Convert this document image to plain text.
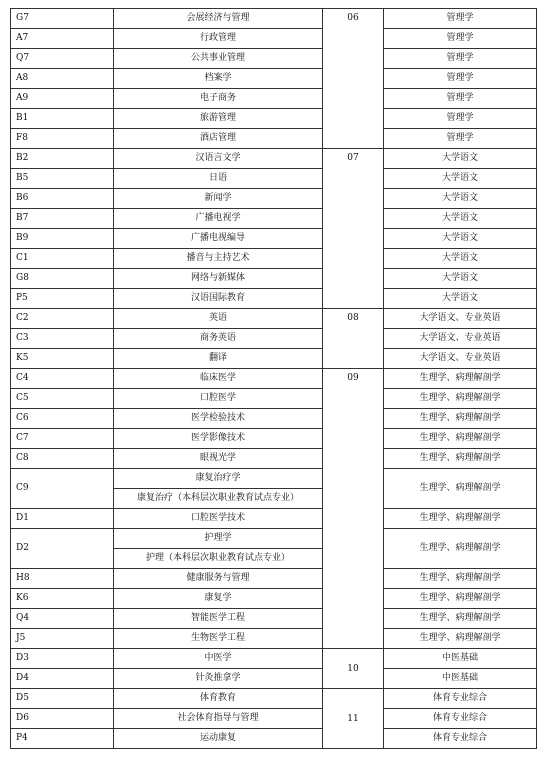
G7	会展经济与管理	06	管理学
A7	行政管理		管理学
Q7	公共事业管理		管理学
A8	档案学		管理学
A9	电子商务		管理学
B1	旅游管理		管理学
F8	酒店管理		管理学
B2	汉语言文学	07	大学语文
B5	日语		大学语文
B6	新闻学		大学语文
B7	广播电视学		大学语文
B9	广播电视编导		大学语文
C1	播音与主持艺术		大学语文
G8	网络与新媒体		大学语文
P5	汉语国际教育		大学语文
C2	英语	08	大学语文、专业英语
C3	商务英语		大学语文、专业英语
K5	翻译		大学语文、专业英语
C4	临床医学	09	生理学、病理解剖学
C5	口腔医学		生理学、病理解剖学
C6	医学检验技术		生理学、病理解剖学
C7	医学影像技术		生理学、病理解剖学
C8	眼视光学		生理学、病理解剖学
C9	康复治疗学		生理学、病理解剖学
	康复治疗（本科层次职业教育试点专业）		
D1	口腔医学技术		生理学、病理解剖学
D2	护理学		生理学、病理解剖学
	护理（本科层次职业教育试点专业）		
H8	健康服务与管理		生理学、病理解剖学
K6	康复学		生理学、病理解剖学
Q4	智能医学工程		生理学、病理解剖学
J5	生物医学工程		生理学、病理解剖学
D3	中医学	10	中医基础
D4	针灸推拿学		中医基础
D5	体育教育	11	体育专业综合
D6	社会体育指导与管理		体育专业综合
P4	运动康复		体育专业综合
